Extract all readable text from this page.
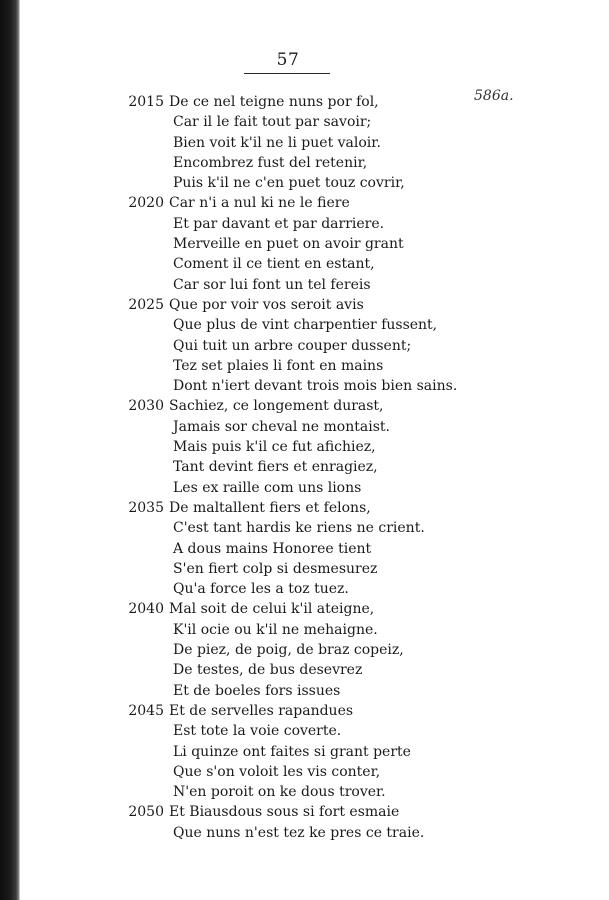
57
586a.
2015 De ce nel teigne nuns por fol,
Car il le fait tout par savoir;
Bien voit k'il ne li puet valoir.
Encombrez fust del retenir,
Puis k'il ne c'en puet touz covrir,
2020 Car n'i a nul ki ne le fiere
Et par davant et par darriere.
Merveille en puet on avoir grant
Coment il ce tient en estant,
Car sor lui font un tel fereis
2025 Que por voir vos seroit avis
Que plus de vint charpentier fussent,
Qui tuit un arbre couper dussent;
Tez set plaies li font en mains
Dont n'iert devant trois mois bien sains.
2030 Sachiez, ce longement durast,
Jamais sor cheval ne montaist.
Mais puis k'il ce fut afichiez,
Tant devint fiers et enragiez,
Les ex raille com uns lions
2035 De maltallent fiers et felons,
C'est tant hardis ke riens ne crient.
A dous mains Honoree tient
S'en fiert colp si desmesurez
Qu'a force les a toz tuez.
2040 Mal soit de celui k'il ateigne,
K'il ocie ou k'il ne mehaigne.
De piez, de poig, de braz copeiz,
De testes, de bus desevrez
Et de boeles fors issues
2045 Et de servelles rapandues
Est tote la voie coverte.
Li quinze ont faites si grant perte
Que s'on voloit les vis conter,
N'en poroit on ke dous trover.
2050 Et Biausdous sous si fort esmaie
Que nuns n'est tez ke pres ce traie.
